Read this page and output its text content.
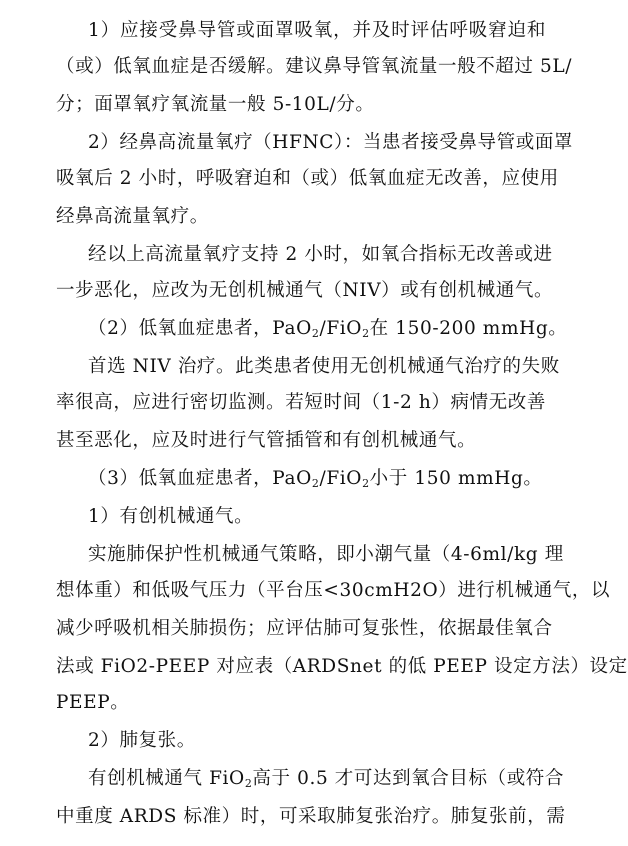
1）应接受鼻导管或面罩吸氧，并及时评估呼吸窘迫和
（或）低氧血症是否缓解。建议鼻导管氧流量一般不超过 5L/
分；面罩氧疗氧流量一般 5-10L/分。
2）经鼻高流量氧疗（HFNC）：当患者接受鼻导管或面罩
吸氧后 2 小时，呼吸窘迫和（或）低氧血症无改善，应使用
经鼻高流量氧疗。
经以上高流量氧疗支持 2 小时，如氧合指标无改善或进
一步恶化，应改为无创机械通气（NIV）或有创机械通气。
（2）低氧血症患者，PaO$_2$/FiO$_2$在 150-200 mmHg。
首选 NIV 治疗。此类患者使用无创机械通气治疗的失败
率很高，应进行密切监测。若短时间（1-2 h）病情无改善
甚至恶化，应及时进行气管插管和有创机械通气。
（3）低氧血症患者，PaO$_2$/FiO$_2$小于 150 mmHg。
1）有创机械通气。
实施肺保护性机械通气策略，即小潮气量（4-6ml/kg 理
想体重）和低吸气压力（平台压<30cmH2O）进行机械通气，以
减少呼吸机相关肺损伤；应评估肺可复张性，依据最佳氧合
法或 FiO2-PEEP 对应表（ARDSnet 的低 PEEP 设定方法）设定
PEEP。
2）肺复张。
有创机械通气 FiO$_2$高于 0.5 才可达到氧合目标（或符合
中重度 ARDS 标准）时，可采取肺复张治疗。肺复张前，需
